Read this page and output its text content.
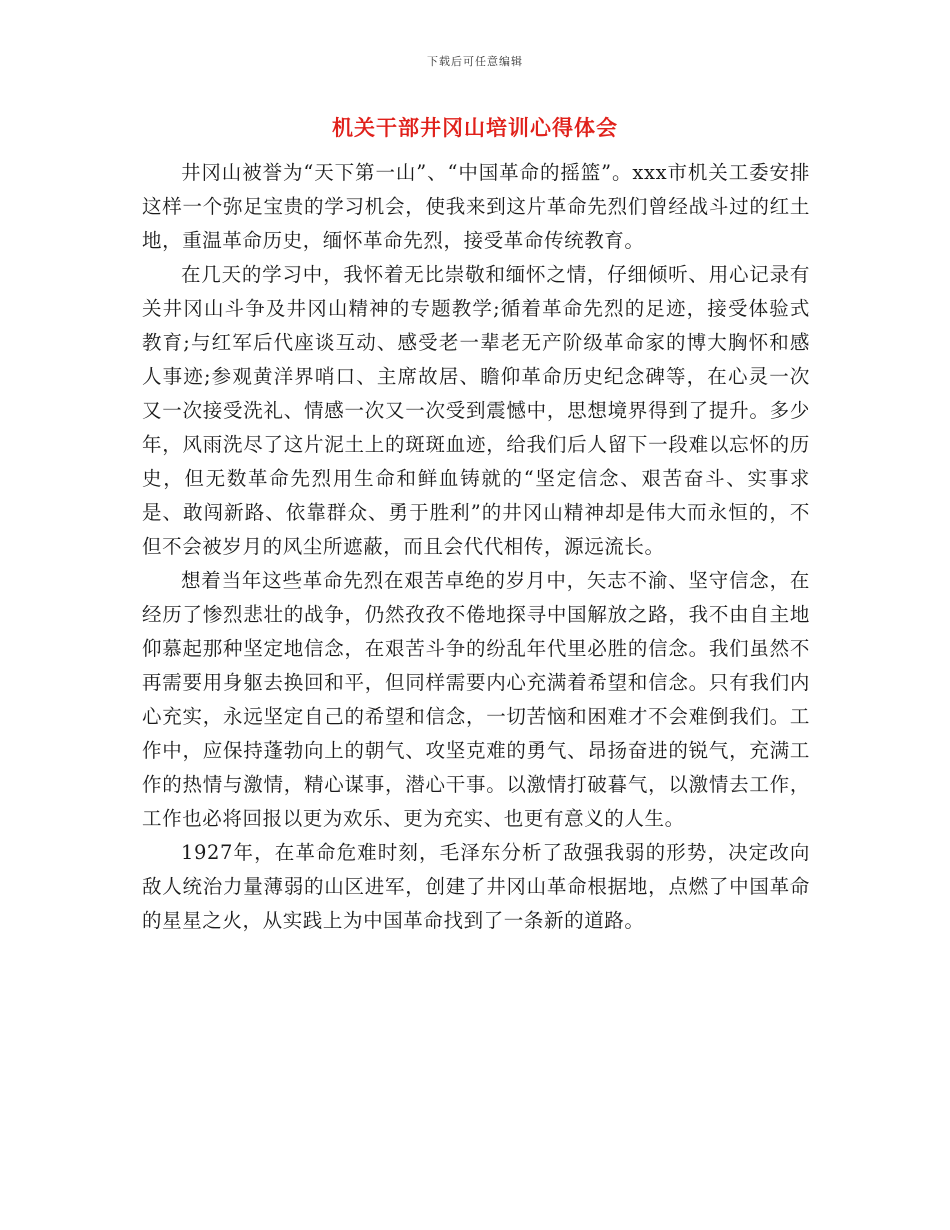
下载后可任意编辑
机关干部井冈山培训心得体会

井冈山被誉为“天下第一山”、“中国革命的摇篮”。xxx市机关工委安排这样一个弥足宝贵的学习机会，使我来到这片革命先烈们曾经战斗过的红土地，重温革命历史，缅怀革命先烈，接受革命传统教育。

在几天的学习中，我怀着无比崇敬和缅怀之情，仔细倾听、用心记录有关井冈山斗争及井冈山精神的专题教学;循着革命先烈的足迹，接受体验式教育;与红军后代座谈互动、感受老一辈老无产阶级革命家的博大胸怀和感人事迹;参观黄洋界哨口、主席故居、瞻仰革命历史纪念碑等，在心灵一次又一次接受洗礼、情感一次又一次受到震憾中，思想境界得到了提升。多少年，风雨洗尽了这片泥土上的斑斑血迹，给我们后人留下一段难以忘怀的历史，但无数革命先烈用生命和鲜血铸就的“坚定信念、艰苦奋斗、实事求是、敢闯新路、依靠群众、勇于胜利”的井冈山精神却是伟大而永恒的，不但不会被岁月的风尘所遮蔽，而且会代代相传，源远流长。

想着当年这些革命先烈在艰苦卓绝的岁月中，矢志不渝、坚守信念，在经历了惨烈悲壮的战争，仍然孜孜不倦地探寻中国解放之路，我不由自主地仰慕起那种坚定地信念，在艰苦斗争的纷乱年代里必胜的信念。我们虽然不再需要用身躯去换回和平，但同样需要内心充满着希望和信念。只有我们内心充实，永远坚定自己的希望和信念，一切苦恼和困难才不会难倒我们。工作中，应保持蓬勃向上的朝气、攻坚克难的勇气、昂扬奋进的锐气，充满工作的热情与激情，精心谋事，潜心干事。以激情打破暮气，以激情去工作，工作也必将回报以更为欢乐、更为充实、也更有意义的人生。

1927年，在革命危难时刻，毛泽东分析了敌强我弱的形势，决定改向敌人统治力量薄弱的山区进军，创建了井冈山革命根据地，点燃了中国革命的星星之火，从实践上为中国革命找到了一条新的道路。
